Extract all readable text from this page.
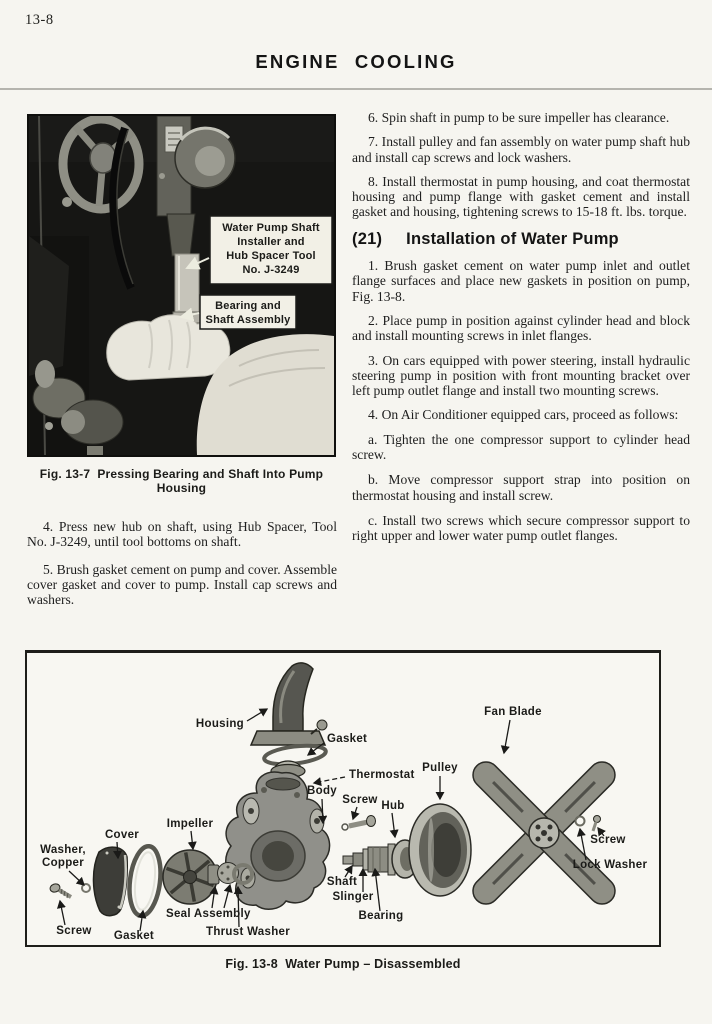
13-8
ENGINE COOLING
Water Pump Shaft
Installer and
Hub Spacer Tool
No. J-3249
Bearing and
Shaft Assembly
Fig. 13-7  Pressing Bearing and Shaft Into Pump Housing

4. Press new hub on shaft, using Hub Spacer, Tool No. J-3249, until tool bottoms on shaft.

5. Brush gasket cement on pump and cover. Assemble cover gasket and cover to pump. Install cap screws and washers.

6. Spin shaft in pump to be sure impeller has clearance.

7. Install pulley and fan assembly on water pump shaft hub and install cap screws and lock washers.

8. Install thermostat in pump housing, and coat thermostat housing and pump flange with gasket cement and install gasket and housing, tightening screws to 15-18 ft. lbs. torque.

(21) Installation of Water Pump

1. Brush gasket cement on water pump inlet and outlet flange surfaces and place new gaskets in position on pump, Fig. 13-8.

2. Place pump in position against cylinder head and block and install mounting screws in inlet flanges.

3. On cars equipped with power steering, install hydraulic steering pump in position with front mounting bracket over left pump outlet flange and install two mounting screws.

4. On Air Conditioner equipped cars, proceed as follows:

a. Tighten the one compressor support to cylinder head screw.

b. Move compressor support strap into position on thermostat housing and install screw.

c. Install two screws which secure compressor support to right upper and lower water pump outlet flanges.

Housing
Gasket
Thermostat
Body
Screw Hub
Pulley
Fan Blade
Screw
Lock Washer
Washer,
Copper
Cover
Screw Gasket
Impeller
Seal Assembly
Thrust Washer
Shaft
Slinger
Bearing
Fig. 13-8  Water Pump – Disassembled
